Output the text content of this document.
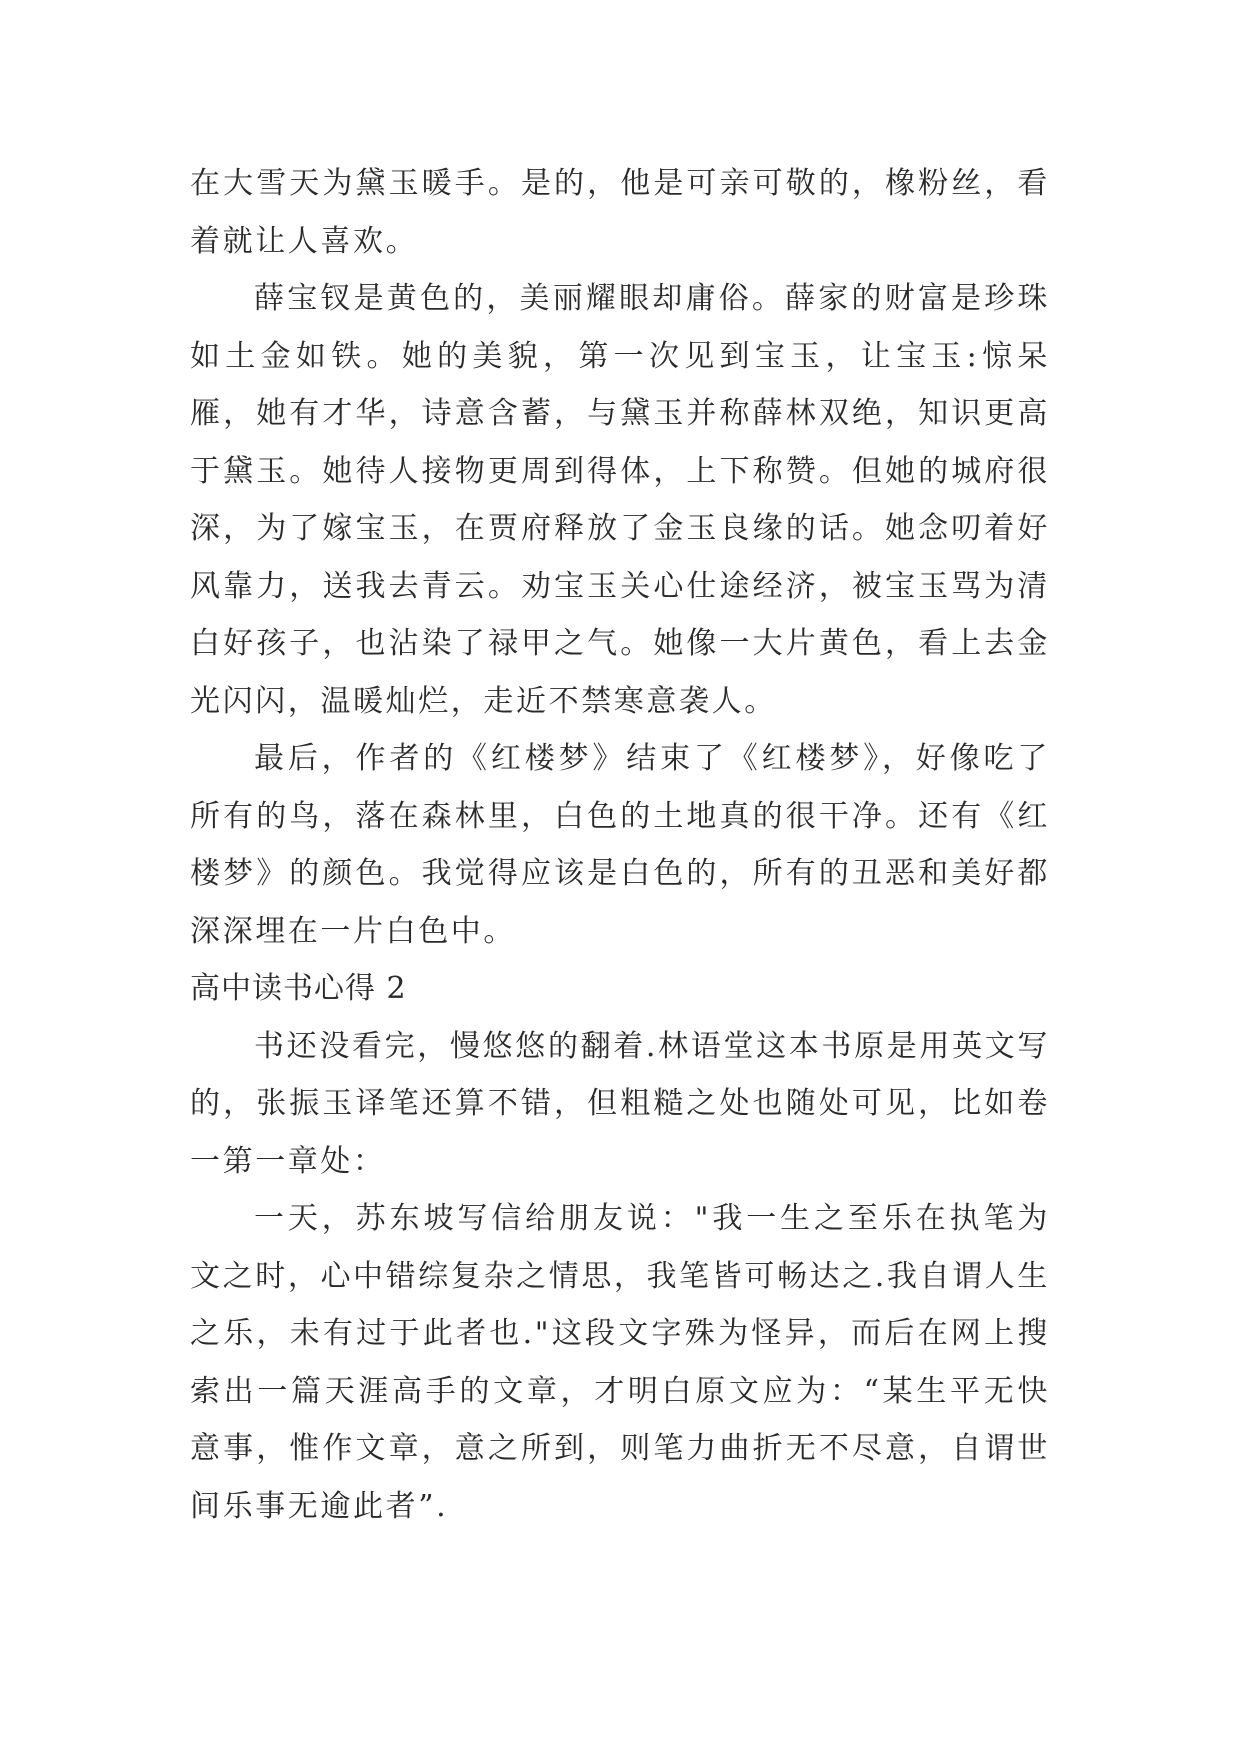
在大雪天为黛玉暖手。是的，他是可亲可敬的，橡粉丝，看着就让人喜欢。

薛宝钗是黄色的，美丽耀眼却庸俗。薛家的财富是珍珠如土金如铁。她的美貌，第一次见到宝玉，让宝玉:惊呆雁，她有才华，诗意含蓄，与黛玉并称薛林双绝，知识更高于黛玉。她待人接物更周到得体，上下称赞。但她的城府很深，为了嫁宝玉，在贾府释放了金玉良缘的话。她念叨着好风靠力，送我去青云。劝宝玉关心仕途经济，被宝玉骂为清白好孩子，也沾染了禄甲之气。她像一大片黄色，看上去金光闪闪，温暖灿烂，走近不禁寒意袭人。

最后，作者的《红楼梦》结束了《红楼梦》，好像吃了所有的鸟，落在森林里，白色的土地真的很干净。还有《红楼梦》的颜色。我觉得应该是白色的，所有的丑恶和美好都深深埋在一片白色中。

高中读书心得 2

书还没看完，慢悠悠的翻着.林语堂这本书原是用英文写的，张振玉译笔还算不错，但粗糙之处也随处可见，比如卷一第一章处：

一天，苏东坡写信给朋友说："我一生之至乐在执笔为文之时，心中错综复杂之情思，我笔皆可畅达之.我自谓人生之乐，未有过于此者也."这段文字殊为怪异，而后在网上搜索出一篇天涯高手的文章，才明白原文应为：“某生平无快意事，惟作文章，意之所到，则笔力曲折无不尽意，自谓世间乐事无逾此者”.
